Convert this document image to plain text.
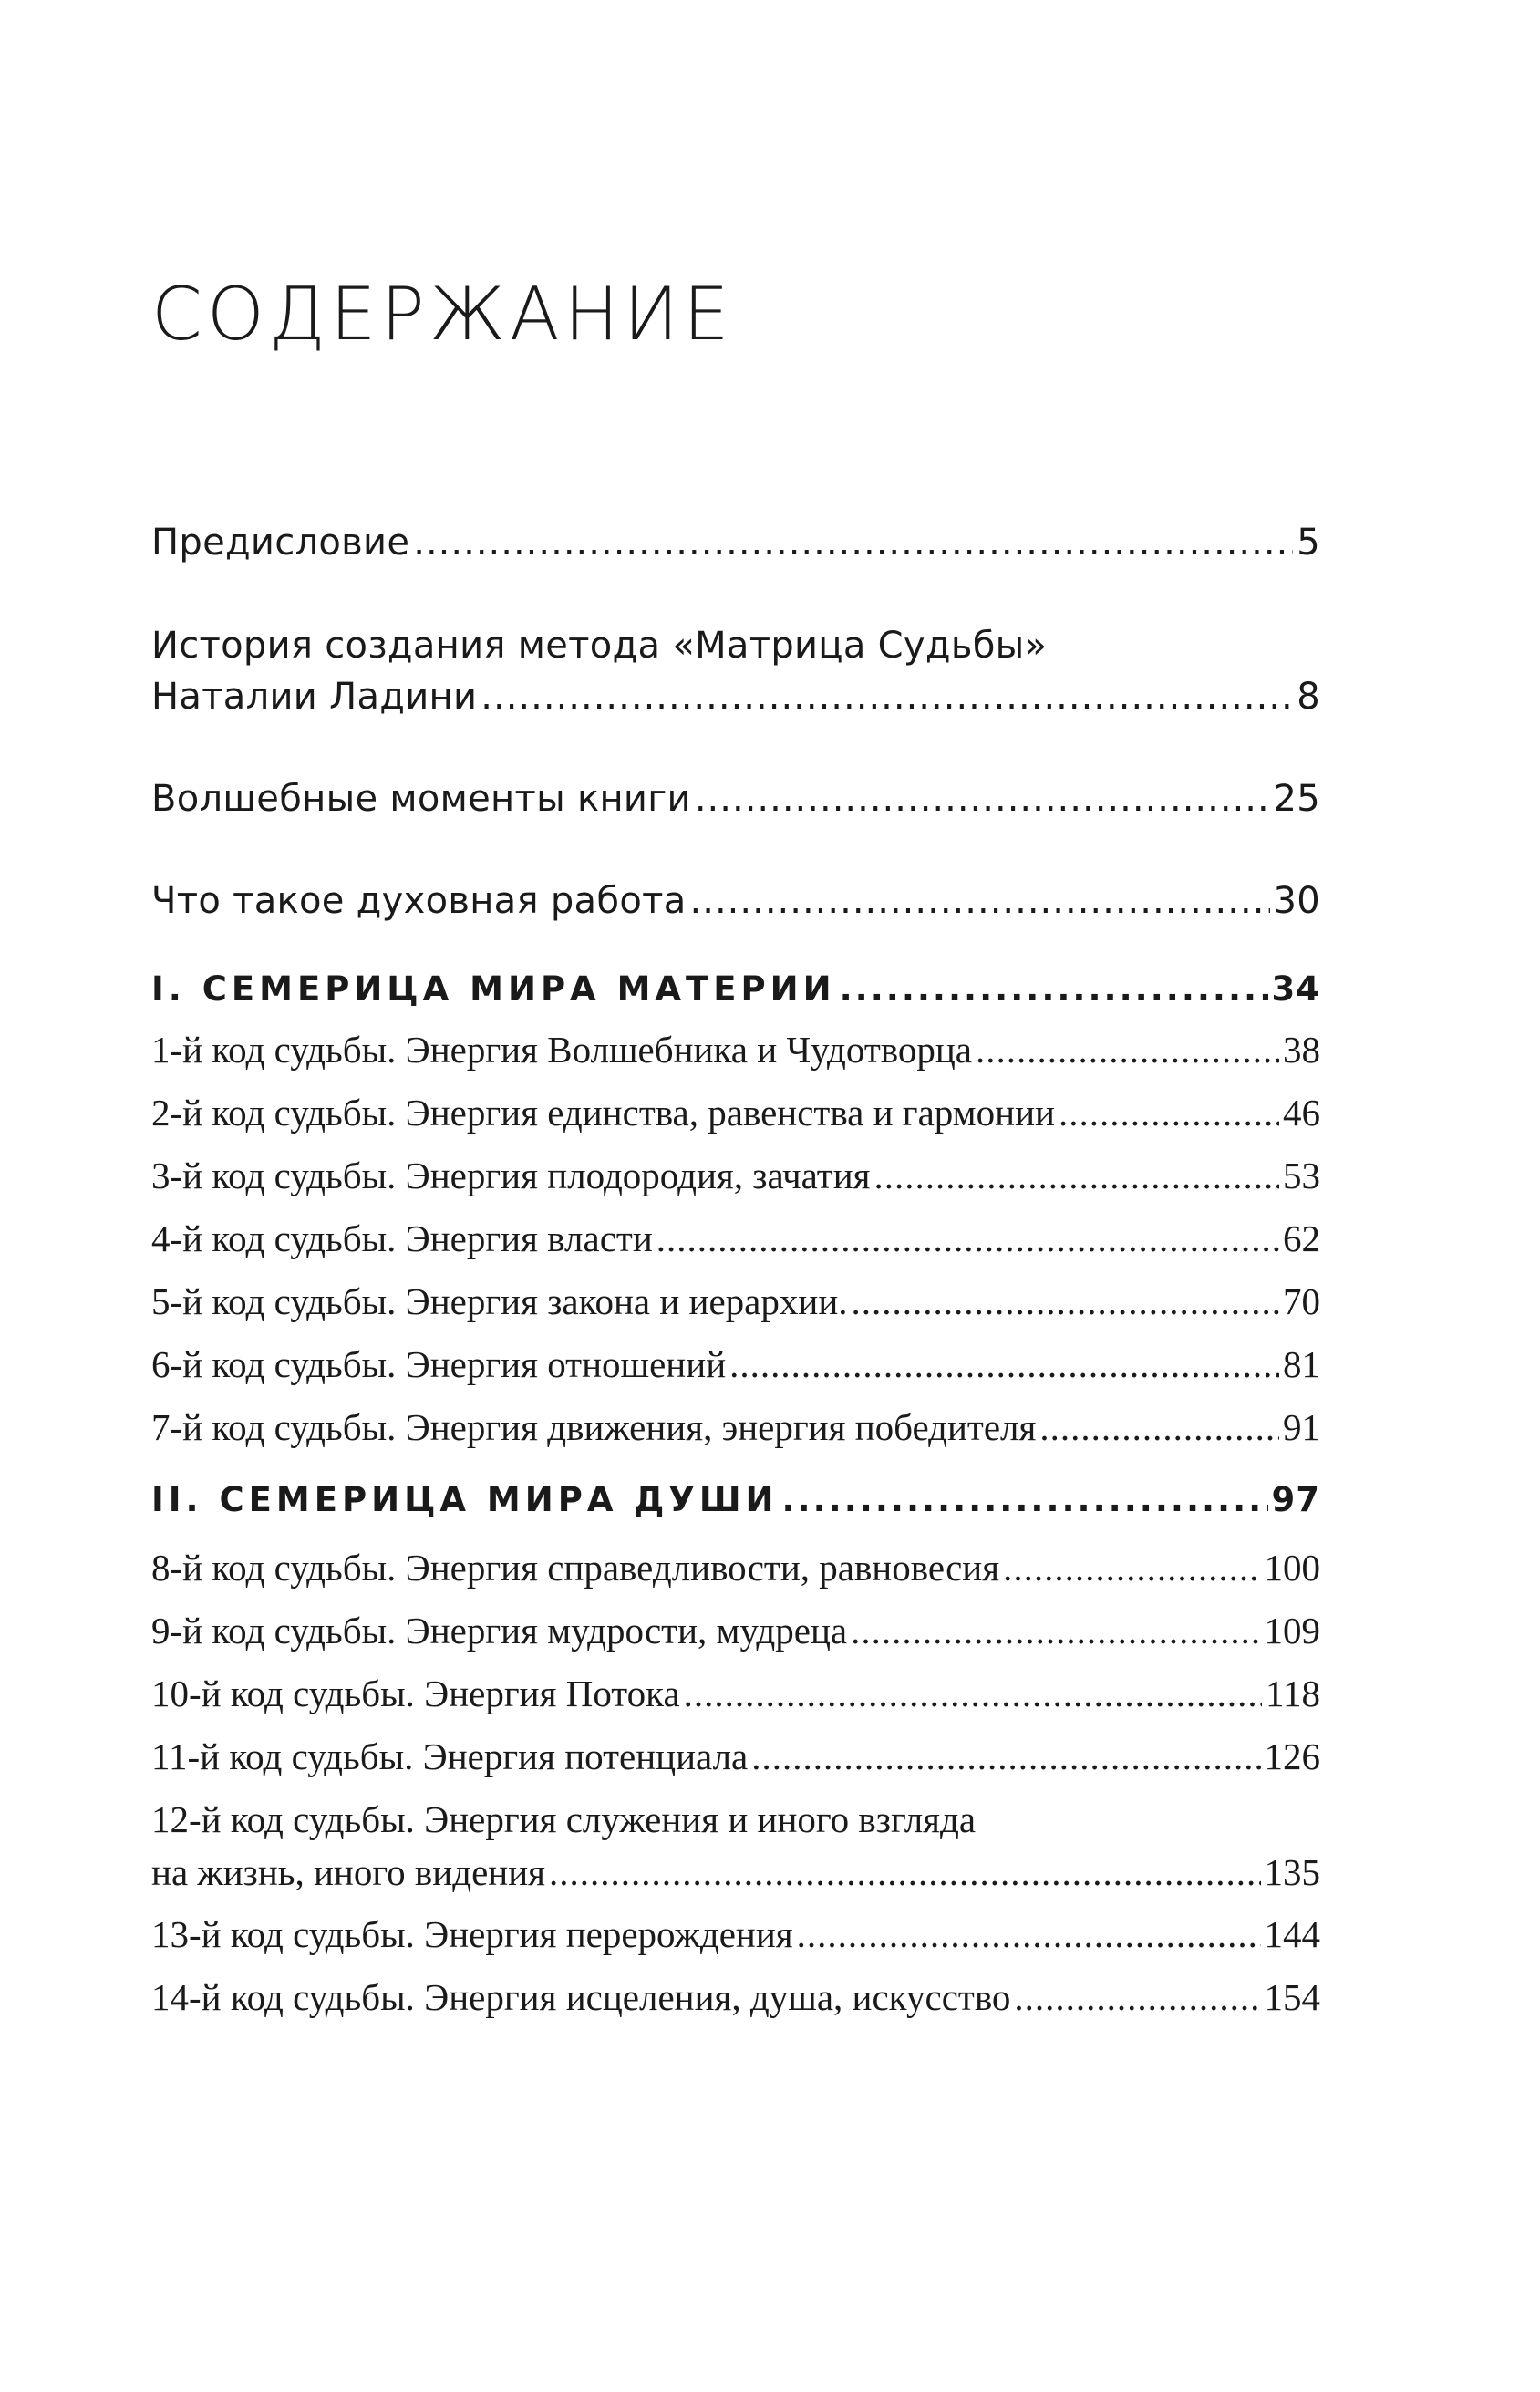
СОДЕРЖАНИЕ
Предисловие .....	5
История создания метода «Матрица Судьбы»
Наталии Ладини .....	8
Волшебные моменты книги .....	25
Что такое духовная работа .....	30
I. СЕМЕРИЦА МИРА МАТЕРИИ .....	34
1-й код судьбы. Энергия Волшебника и Чудотворца .....	38
2-й код судьбы. Энергия единства, равенства и гармонии .....	46
3-й код судьбы. Энергия плодородия, зачатия .....	53
4-й код судьбы. Энергия власти .....	62
5-й код судьбы. Энергия закона и иерархии. .....	70
6-й код судьбы. Энергия отношений .....	81
7-й код судьбы. Энергия движения, энергия победителя .....	91
II. СЕМЕРИЦА МИРА ДУШИ .....	97
8-й код судьбы. Энергия справедливости, равновесия .....	100
9-й код судьбы. Энергия мудрости, мудреца .....	109
10-й код судьбы. Энергия Потока .....	118
11-й код судьбы. Энергия потенциала .....	126
12-й код судьбы. Энергия служения и иного взгляда
на жизнь, иного видения .....	135
13-й код судьбы. Энергия перерождения .....	144
14-й код судьбы. Энергия исцеления, душа, искусство .....	154
